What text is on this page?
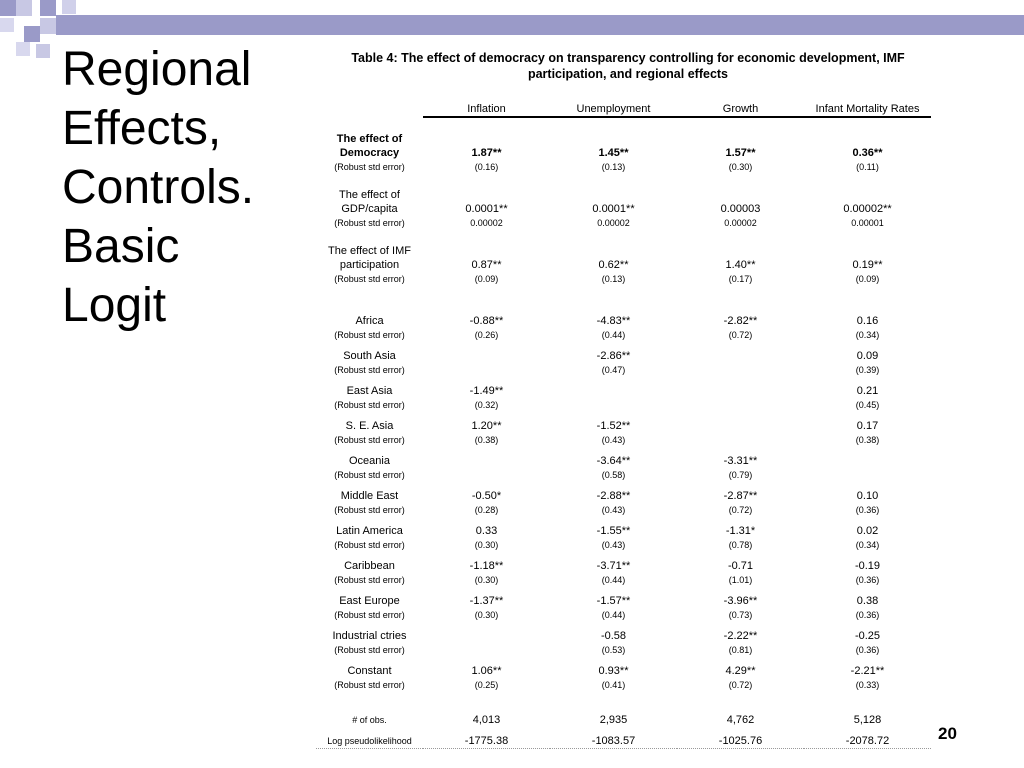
Regional
Effects,
Controls.
Basic
Logit
Table 4: The effect of democracy on transparency controlling for economic development, IMF
participation, and regional effects
	Inflation	Unemployment	Growth	Infant Mortality Rates

The effect of				
Democracy	1.87**	1.45**	1.57**	0.36**
(Robust std error)	(0.16)	(0.13)	(0.30)	(0.11)

The effect of				
GDP/capita	0.0001**	0.0001**	0.00003	0.00002**
(Robust std error)	0.00002	0.00002	0.00002	0.00001

The effect of IMF				
participation	0.87**	0.62**	1.40**	0.19**
(Robust std error)	(0.09)	(0.13)	(0.17)	(0.09)

Africa	-0.88**	-4.83**	-2.82**	0.16
(Robust std error)	(0.26)	(0.44)	(0.72)	(0.34)

South Asia		-2.86**		0.09
(Robust std error)		(0.47)		(0.39)

East Asia	-1.49**			0.21
(Robust std error)	(0.32)			(0.45)

S. E. Asia	1.20**	-1.52**		0.17
(Robust std error)	(0.38)	(0.43)		(0.38)

Oceania		-3.64**	-3.31**	
(Robust std error)		(0.58)	(0.79)	

Middle East	-0.50*	-2.88**	-2.87**	0.10
(Robust std error)	(0.28)	(0.43)	(0.72)	(0.36)

Latin America	0.33	-1.55**	-1.31*	0.02
(Robust std error)	(0.30)	(0.43)	(0.78)	(0.34)

Caribbean	-1.18**	-3.71**	-0.71	-0.19
(Robust std error)	(0.30)	(0.44)	(1.01)	(0.36)

East Europe	-1.37**	-1.57**	-3.96**	0.38
(Robust std error)	(0.30)	(0.44)	(0.73)	(0.36)

Industrial ctries		-0.58	-2.22**	-0.25
(Robust std error)		(0.53)	(0.81)	(0.36)

Constant	1.06**	0.93**	4.29**	-2.21**
(Robust std error)	(0.25)	(0.41)	(0.72)	(0.33)

# of obs.	4,013	2,935	4,762	5,128

Log pseudolikelihood	-1775.38	-1083.57	-1025.76	-2078.72	20
